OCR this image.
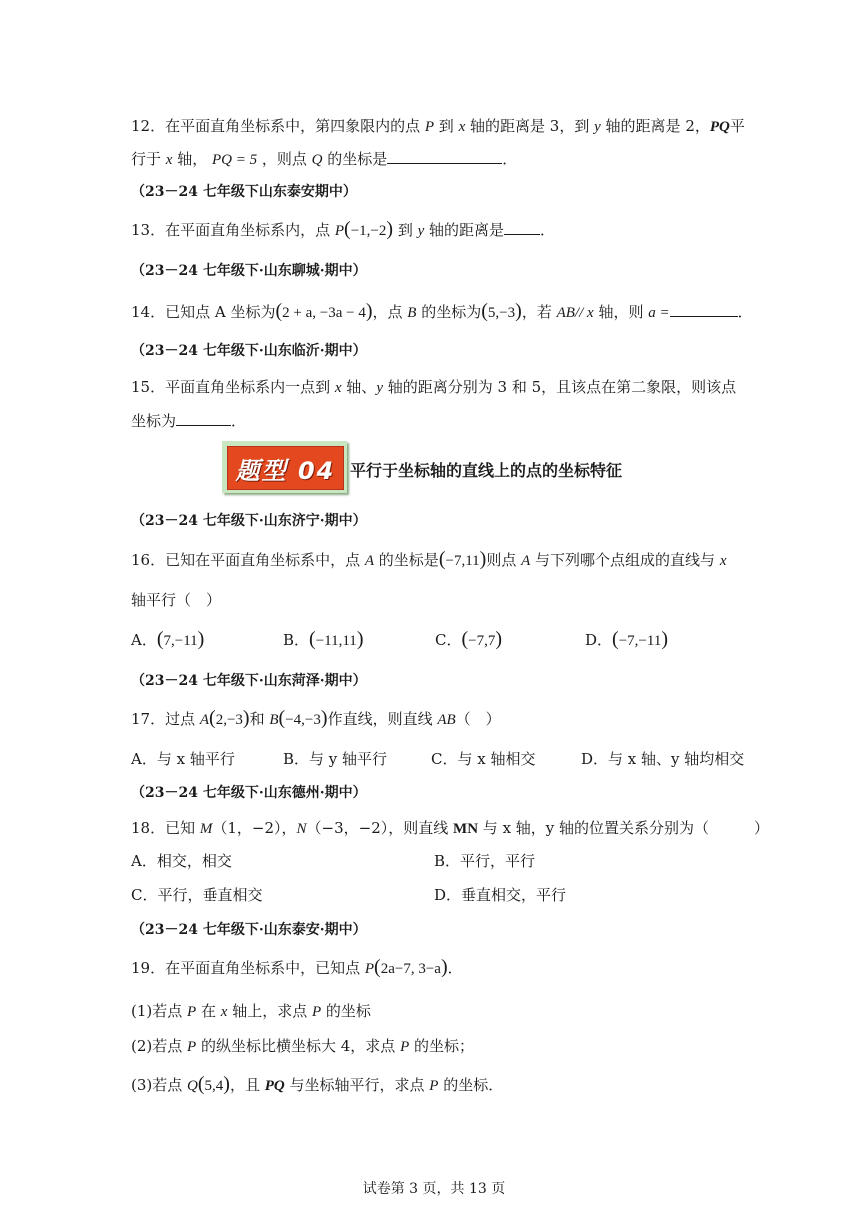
12．在平面直角坐标系中，第四象限内的点 P 到 x 轴的距离是 3，到 y 轴的距离是 2，PQ平
行于 x 轴， PQ = 5 ，则点 Q 的坐标是	．
（23－24 七年级下山东泰安期中）
13．在平面直角坐标系内，点 P(−1,−2) 到 y 轴的距离是 ．
（23－24 七年级下·山东聊城·期中）
14．已知点 A 坐标为(2 + a, −3a − 4)，点 B 的坐标为(5,−3)，若 AB// x 轴，则 a =	．
（23－24 七年级下·山东临沂·期中）
15．平面直角坐标系内一点到 x 轴、y 轴的距离分别为 3 和 5，且该点在第二象限，则该点
坐标为	．
题型 04 平行于坐标轴的直线上的点的坐标特征
（23－24 七年级下·山东济宁·期中）
16．已知在平面直角坐标系中，点 A 的坐标是(−7,11)则点 A 与下列哪个点组成的直线与 x
轴平行（　）
A．(7,−11)	B．(−11,11)	C．(−7,7)	D．(−7,−11)
（23－24 七年级下·山东菏泽·期中）
17．过点 A(2,−3)和 B(−4,−3)作直线，则直线 AB（　）
A．与 x 轴平行	B．与 y 轴平行	C．与 x 轴相交	D．与 x 轴、y 轴均相交
（23－24 七年级下·山东德州·期中）
18．已知 M（1，−2），N（−3，−2），则直线 MN 与 x 轴，y 轴的位置关系分别为（　　　）
A．相交，相交	B．平行，平行
C．平行，垂直相交	D．垂直相交，平行
（23－24 七年级下·山东泰安·期中）
19．在平面直角坐标系中，已知点 P(2a−7, 3−a)．
(1)若点 P 在 x 轴上，求点 P 的坐标
(2)若点 P 的纵坐标比横坐标大 4，求点 P 的坐标；
(3)若点 Q(5,4)，且 PQ 与坐标轴平行，求点 P 的坐标．
试卷第 3 页，共 13 页
